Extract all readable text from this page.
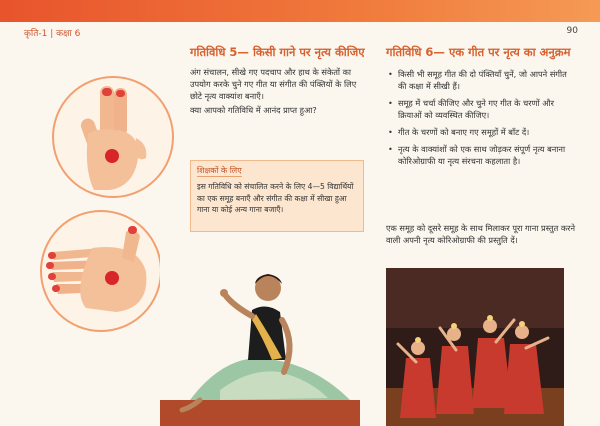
कृति-1 | कक्षा 6	90
गतिविधि 5— किसी गाने पर नृत्य कीजिए
अंग संचालन, सीखे गए पदचाप और हाथ के संकेतों का उपयोग करके चुने गए गीत या संगीत की पंक्तियों के लिए छोटे नृत्य वाक्यांश बनाएँ।
क्या आपको गतिविधि में आनंद प्राप्त हुआ?
शिक्षकों के लिए
इस गतिविधि को संचालित करने के लिए 4—5 विद्यार्थियों का एक समूह बनाएँ और संगीत की कक्षा में सीखा हुआ गाना या कोई अन्य गाना बजाएँ।
गतिविधि 6— एक गीत पर नृत्य का अनुक्रम
• किसी भी समूह गीत की दो पंक्तियाँ चुनें, जो आपने संगीत की कक्षा में सीखी हैं।
• समूह में चर्चा कीजिए और चुने गए गीत के चरणों और क्रियाओं को व्यवस्थित कीजिए।
• गीत के चरणों को बनाए गए समूहों में बाँट दें।
• नृत्य के वाक्यांशों को एक साथ जोड़कर संपूर्ण नृत्य बनाना कोरिओग्राफी या नृत्य संरचना कहलाता है।
एक समूह को दूसरे समूह के साथ मिलाकर पूरा गाना प्रस्तुत करने वाली अपनी नृत्य कोरिओग्राफी की प्रस्तुति दें।
